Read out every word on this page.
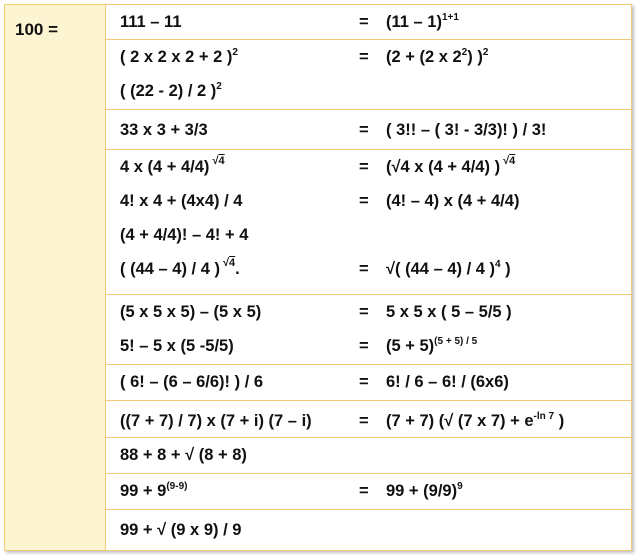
100 =	111 – 11	= (11 – 1)$^{1+1}$
( 2 x 2 x 2 + 2 )$^2$	= (2 + (2 x $2^2$) )$^2$
( (22 - 2) / 2 )$^2$
33 x 3 + 3/3	= ( 3!! – ( 3! - 3/3)! ) / 3!
4 x (4 + 4/4) $^{√4}$	= (√4 x (4 + 4/4) ) $^{√4}$
4! x 4 + (4x4) / 4	= (4! – 4) x (4 + 4/4)
(4 + 4/4)! – 4! + 4
( (44 – 4) / 4 ) $^{√4}$.	= √( (44 – 4) / 4 )$^4$ )
(5 x 5 x 5) – (5 x 5)	= 5 x 5 x ( 5 – 5/5 )
5! – 5 x (5 -5/5)	= $(5 + 5)^{(5 + 5) / 5}$
( 6! – (6 – 6/6)! ) / 6	= 6! / 6 – 6! / (6x6)
((7 + 7) / 7) x (7 + i) (7 – i)	= (7 + 7) (√ (7 x $7) + e^{-ln 7}$ )
88 + 8 + √ (8 + 8)
$99 + 9^{(9-9)}$	= $99 + (9/9)^9$
99 + √ (9 x 9) / 9
